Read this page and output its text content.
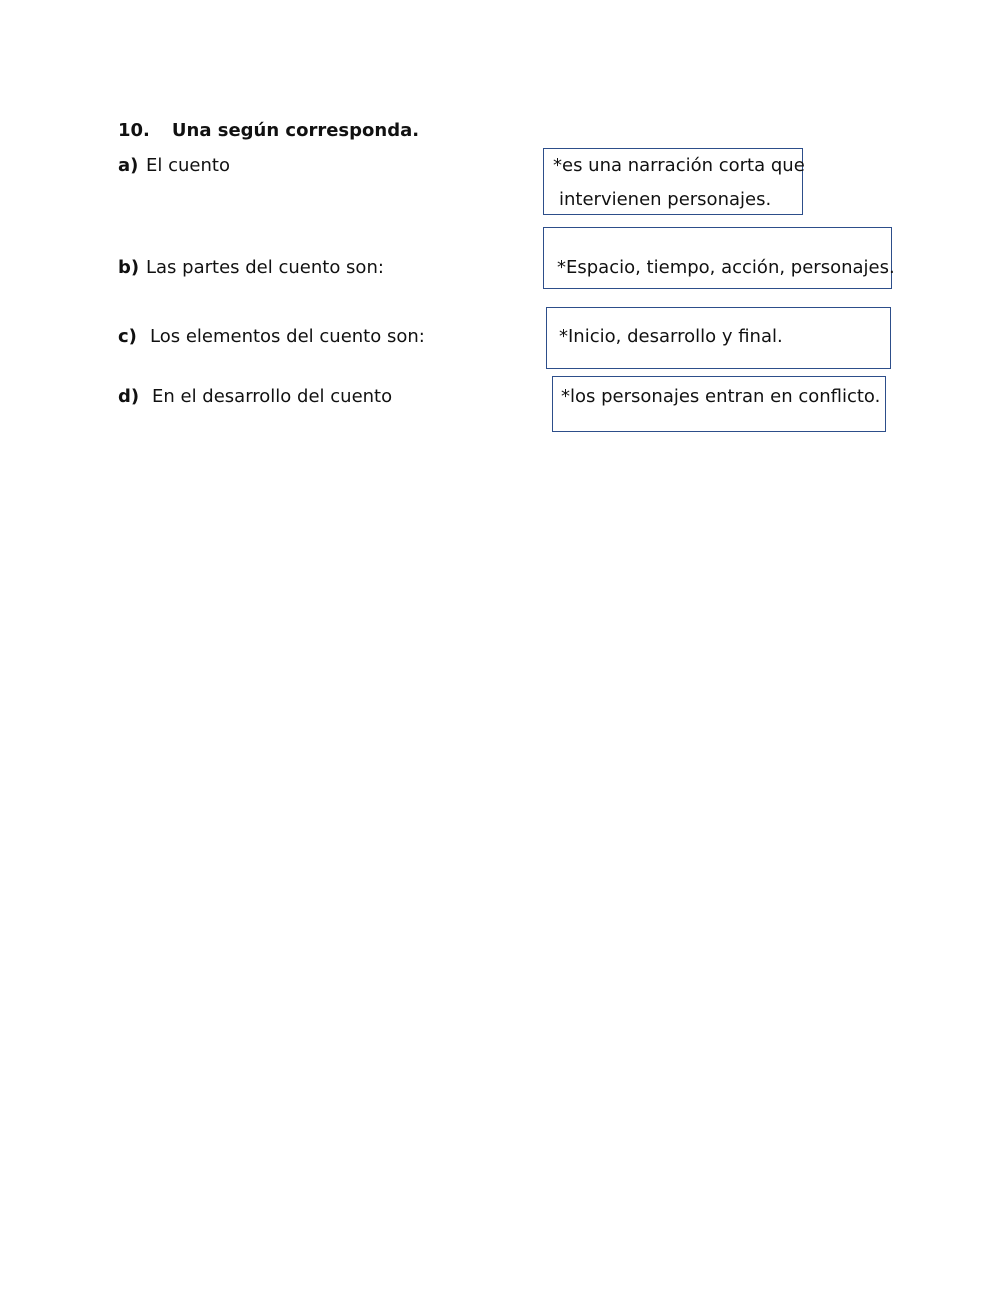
10. Una según corresponda.
a) El cuento
b) Las partes del cuento son:
c) Los elementos del cuento son:
d) En el desarrollo del cuento
*es una narración corta que
intervienen personajes.
*Espacio, tiempo, acción, personajes.
*Inicio, desarrollo y final.
*los personajes entran en conflicto.
